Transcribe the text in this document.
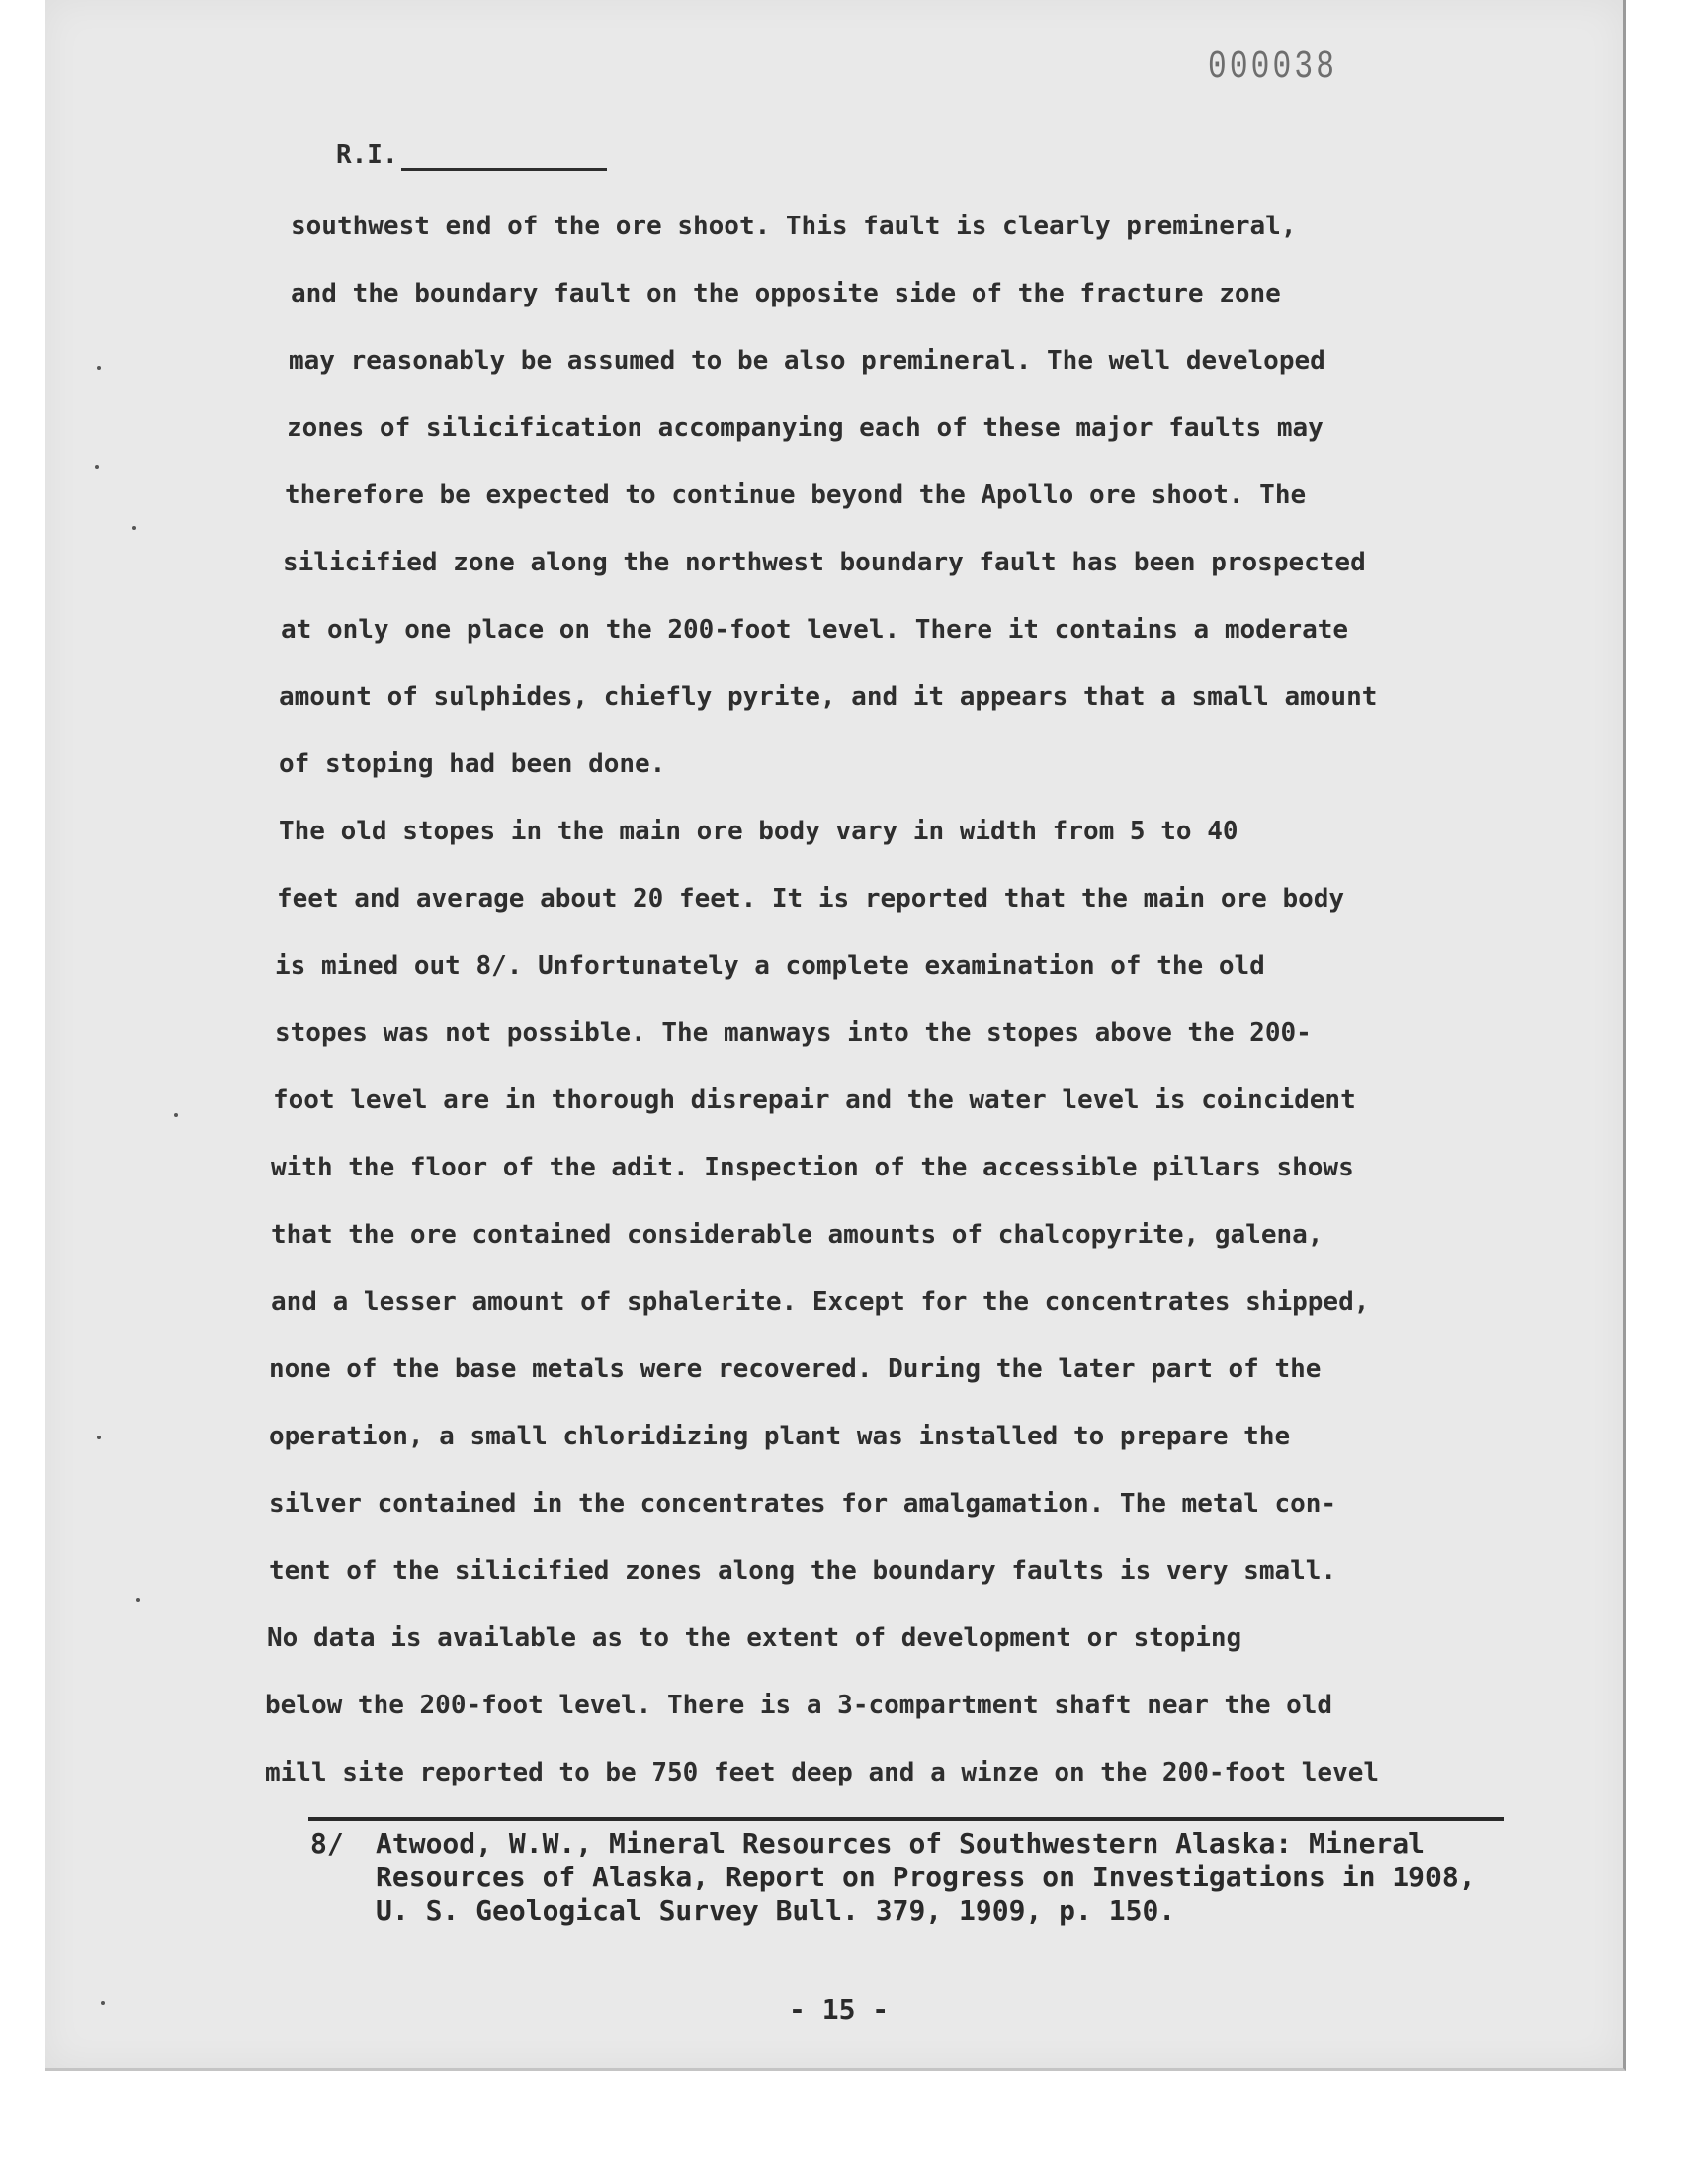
000038
R.I.
southwest end of the ore shoot. This fault is clearly premineral,
and the boundary fault on the opposite side of the fracture zone
may reasonably be assumed to be also premineral. The well developed
zones of silicification accompanying each of these major faults may
therefore be expected to continue beyond the Apollo ore shoot. The
silicified zone along the northwest boundary fault has been prospected
at only one place on the 200-foot level. There it contains a moderate
amount of sulphides, chiefly pyrite, and it appears that a small amount
of stoping had been done.
The old stopes in the main ore body vary in width from 5 to 40
feet and average about 20 feet. It is reported that the main ore body
is mined out 8/. Unfortunately a complete examination of the old
stopes was not possible. The manways into the stopes above the 200-
foot level are in thorough disrepair and the water level is coincident
with the floor of the adit. Inspection of the accessible pillars shows
that the ore contained considerable amounts of chalcopyrite, galena,
and a lesser amount of sphalerite. Except for the concentrates shipped,
none of the base metals were recovered. During the later part of the
operation, a small chloridizing plant was installed to prepare the
silver contained in the concentrates for amalgamation. The metal con-
tent of the silicified zones along the boundary faults is very small.
No data is available as to the extent of development or stoping
below the 200-foot level. There is a 3-compartment shaft near the old
mill site reported to be 750 feet deep and a winze on the 200-foot level
8/ Atwood, W.W., Mineral Resources of Southwestern Alaska: Mineral
Resources of Alaska, Report on Progress on Investigations in 1908,
U. S. Geological Survey Bull. 379, 1909, p. 150.
- 15 -
